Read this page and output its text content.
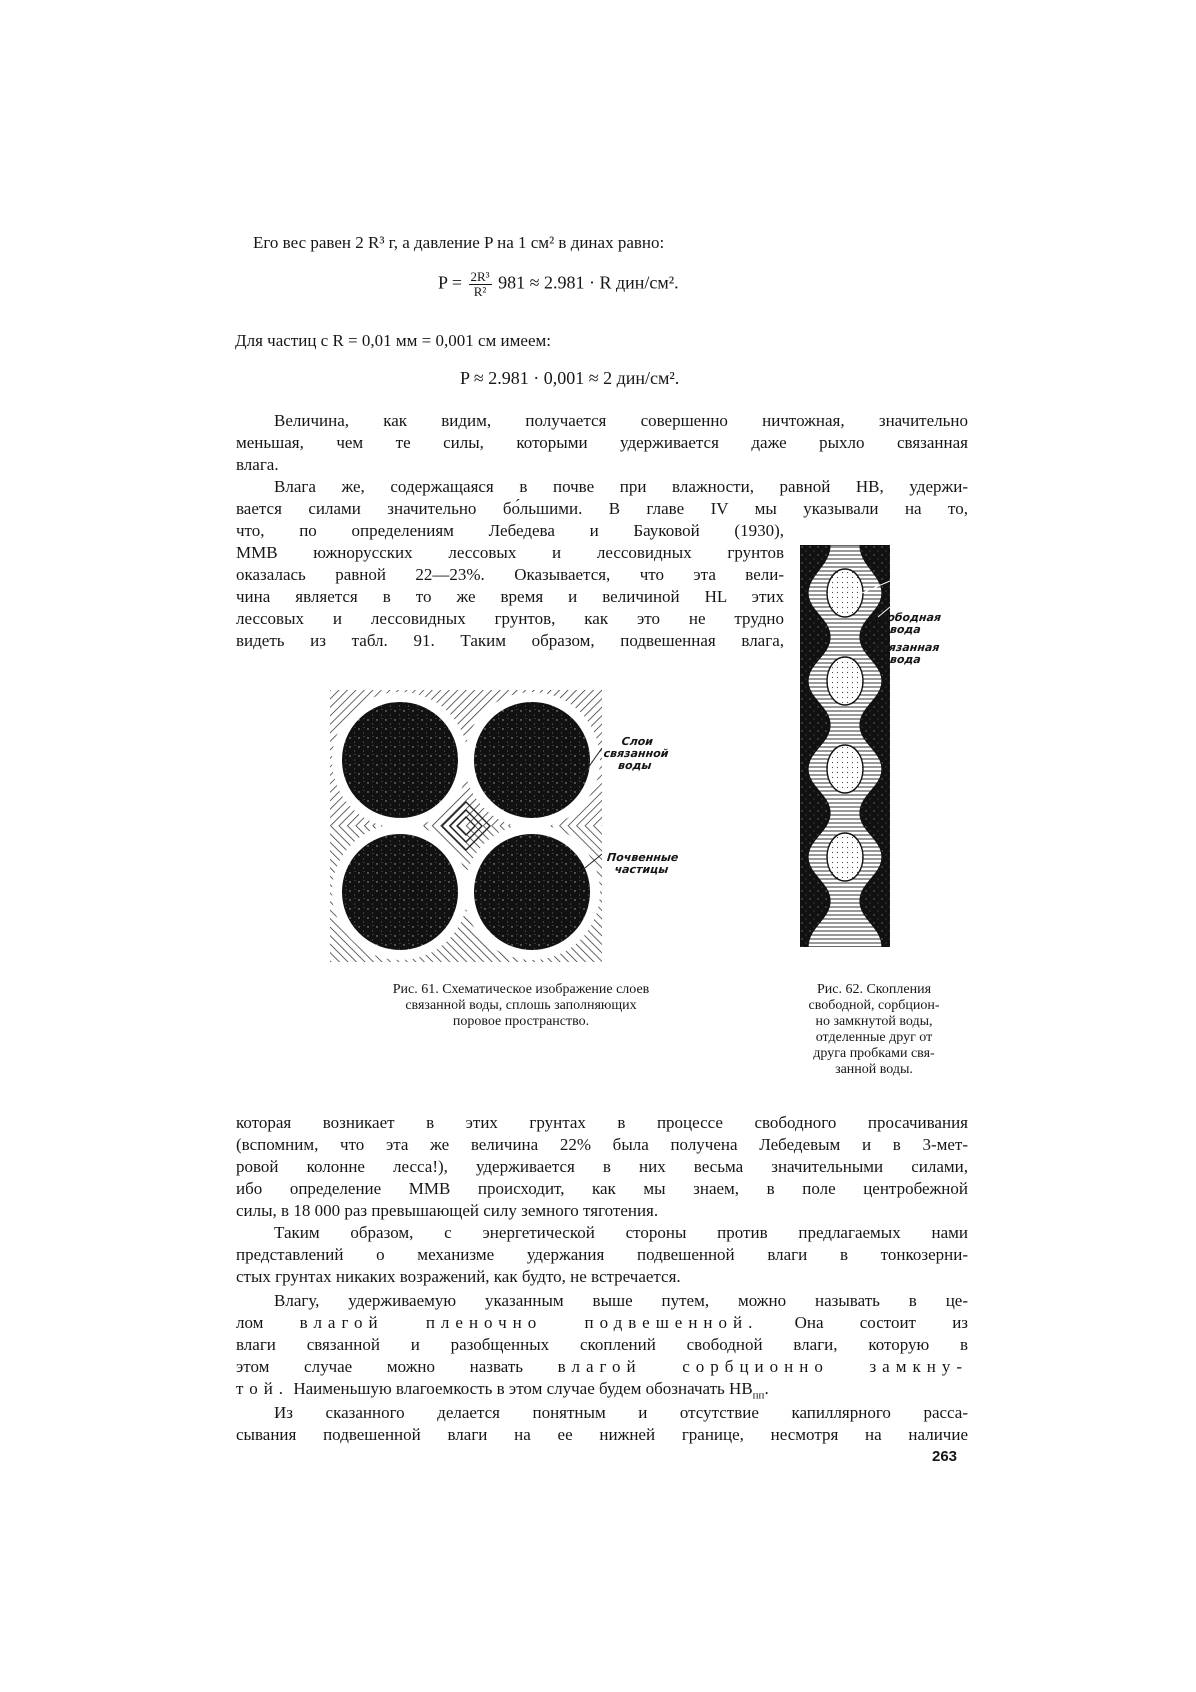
Его вес равен 2 R³ г, а давление P на 1 см² в динах равно:
$P = \frac{\text{2R³}}{\text{R²}} 981 \approx 2.981 \cdot R$ дин/см².
Для частиц с R = 0,01 мм = 0,001 см имеем:
P ≈ 2.981 · 0,001 ≈ 2 дин/см².
Величина, как видим, получается совершенно ничтожная, значительно
меньшая, чем те силы, которыми удерживается даже рыхло связанная
влага.
Влага же, содержащаяся в почве при влажности, равной НВ, удержи-
вается силами значительно бо́льшими. В главе IV мы указывали на то,
что, по определениям Лебедева и Бауковой (1930),
ММВ южнорусских лессовых и лессовидных грунтов
оказалась равной 22—23%. Оказывается, что эта вели-
чина является в то же время и величиной НL этих
лессовых и лессовидных грунтов, как это не трудно
видеть из табл. 91. Таким образом, подвешенная влага,
Слои
связанной
воды
Почвенные
частицы
Рис. 61. Схематическое изображение слоев
связанной воды, сплошь заполняющих
поровое пространство.
Свободная
вода
Связанная
вода
Рис. 62. Скопления
свободной, сорбцион-
но замкнутой воды,
отделенные друг от
друга пробками свя-
занной воды.
которая возникает в этих грунтах в процессе свободного просачивания
(вспомним, что эта же величина 22% была получена Лебедевым и в 3-мет-
ровой колонне лесса!), удерживается в них весьма значительными силами,
ибо определение ММВ происходит, как мы знаем, в поле центробежной
силы, в 18 000 раз превышающей силу земного тяготения.
Таким образом, с энергетической стороны против предлагаемых нами
представлений о механизме удержания подвешенной влаги в тонкозерни-
стых грунтах никаких возражений, как будто, не встречается.
Влагу, удерживаемую указанным выше путем, можно называть в це-
лом влагой пленочно подвешенной. Она состоит из
влаги связанной и разобщенных скоплений свободной влаги, которую в
этом случае можно назвать влагой сорбционно замкну-
той. Наименьшую влагоемкость в этом случае будем обозначать $НВ_{пп}$.
Из сказанного делается понятным и отсутствие капиллярного расса-
сывания подвешенной влаги на ее нижней границе, несмотря на наличие
263
